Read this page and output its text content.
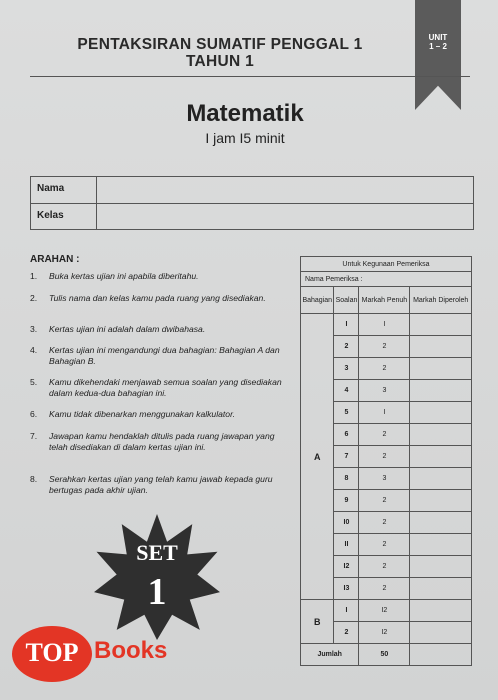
UNIT
1 – 2
PENTAKSIRAN SUMATIF PENGGAL 1
TAHUN 1
Matematik
I jam I5 minit
Nama
Kelas
ARAHAN :
1. Buka kertas ujian ini apabila diberitahu.
2. Tulis nama dan kelas kamu pada ruang yang disediakan.
3. Kertas ujian ini adalah dalam dwibahasa.
4. Kertas ujian ini mengandungi dua bahagian: Bahagian A dan Bahagian B.
5. Kamu dikehendaki menjawab semua soalan yang disediakan dalam kedua-dua bahagian ini.
6. Kamu tidak dibenarkan menggunakan kalkulator.
7. Jawapan kamu hendaklah ditulis pada ruang jawapan yang telah disediakan di dalam kertas ujian ini.
8. Serahkan kertas ujian yang telah kamu jawab kepada guru bertugas pada akhir ujian.
SET
1
TOP Books
Untuk Kegunaan Pemeriksa			
Nama Pemeriksa :			
Bahagian	Soalan	Markah Penuh	Markah Diperoleh
A	I	I	
	2	2	
	3	2	
	4	3	
	5	I	
	6	2	
	7	2	
	8	3	
	9	2	
	I0	2	
	II	2	
	I2	2	
	I3	2	
B	I	I2	
	2	I2	
Jumlah		50	
